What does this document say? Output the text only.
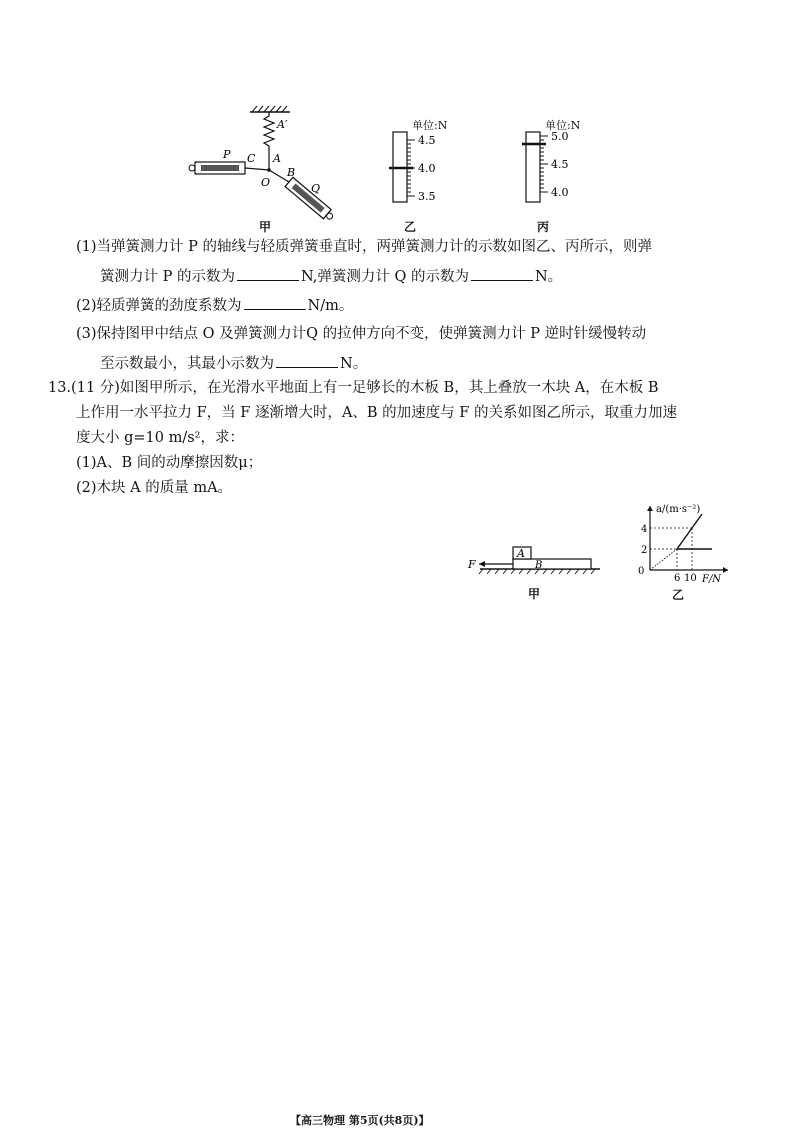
A′
A
C
P
O
B
Q
甲
单位:N
4.5
4.0
3.5
乙
单位:N
5.0
4.5
4.0
丙
(1)当弹簧测力计 P 的轴线与轻质弹簧垂直时，两弹簧测力计的示数如图乙、丙所示，则弹
簧测力计 P 的示数为	N,弹簧测力计 Q 的示数为	N。
(2)轻质弹簧的劲度系数为	N/m。
(3)保持图甲中结点 O 及弹簧测力计Q 的拉伸方向不变，使弹簧测力计 P 逆时针缓慢转动
至示数最小，其最小示数为	N。
13.(11 分)如图甲所示，在光滑水平地面上有一足够长的木板 B，其上叠放一木块 A，在木板 B
上作用一水平拉力 F，当 F 逐渐增大时，A、B 的加速度与 F 的关系如图乙所示，取重力加速
度大小 g=10 m/s²，求：
(1)A、B 间的动摩擦因数μ；
(2)木块 A 的质量 mA。
F
A
B
甲
a/(m·s⁻²)
F/N
4
2
0
6 10
乙
【高三物理 第5页(共8页)】
